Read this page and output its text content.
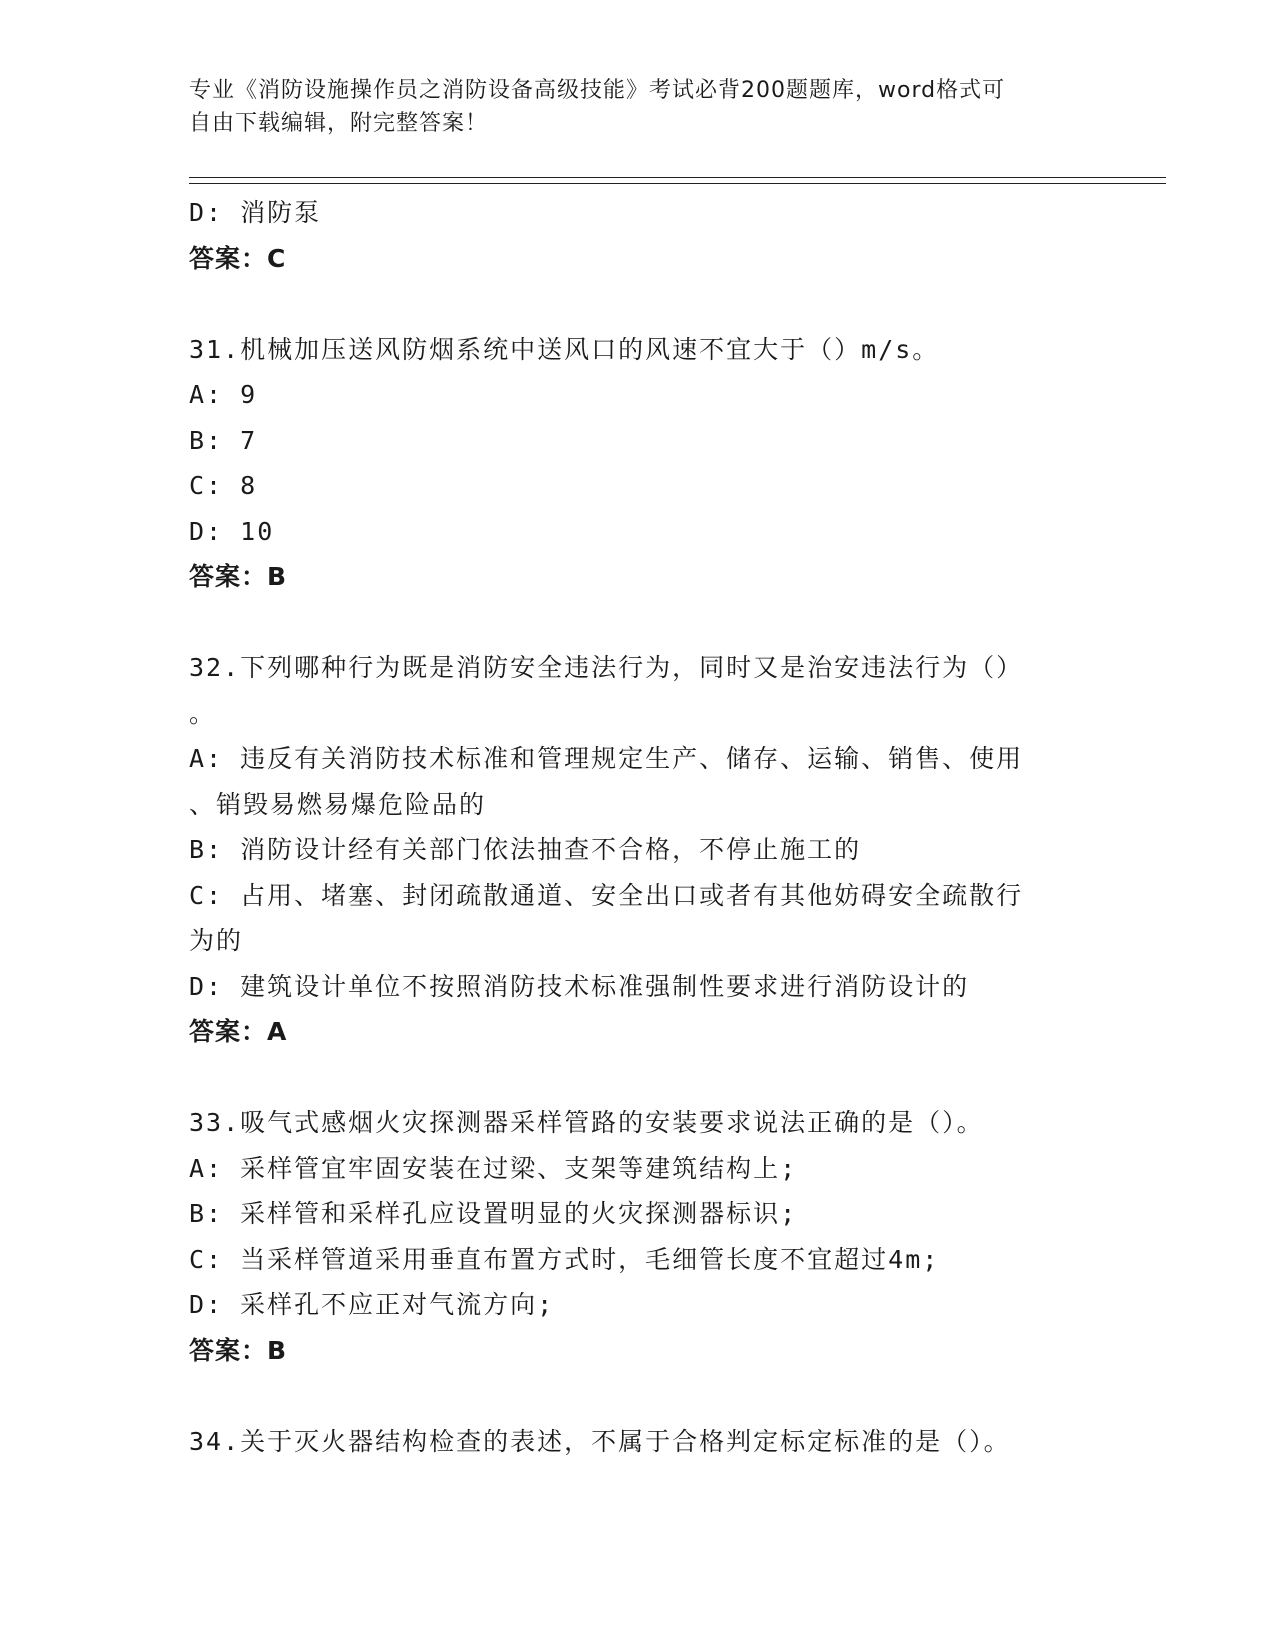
专业《消防设施操作员之消防设备高级技能》考试必背200题题库，word格式可
自由下载编辑，附完整答案！
D: 消防泵
答案：C
31.机械加压送风防烟系统中送风口的风速不宜大于（）m/s。
A: 9
B: 7
C: 8
D: 10
答案：B
32.下列哪种行为既是消防安全违法行为，同时又是治安违法行为（）
。
A: 违反有关消防技术标准和管理规定生产、储存、运输、销售、使用
、销毁易燃易爆危险品的
B: 消防设计经有关部门依法抽查不合格，不停止施工的
C: 占用、堵塞、封闭疏散通道、安全出口或者有其他妨碍安全疏散行
为的
D: 建筑设计单位不按照消防技术标准强制性要求进行消防设计的
答案：A
33.吸气式感烟火灾探测器采样管路的安装要求说法正确的是（）。
A: 采样管宜牢固安装在过梁、支架等建筑结构上;
B: 采样管和采样孔应设置明显的火灾探测器标识;
C: 当采样管道采用垂直布置方式时，毛细管长度不宜超过4m;
D: 采样孔不应正对气流方向;
答案：B
34.关于灭火器结构检查的表述，不属于合格判定标定标准的是（）。
